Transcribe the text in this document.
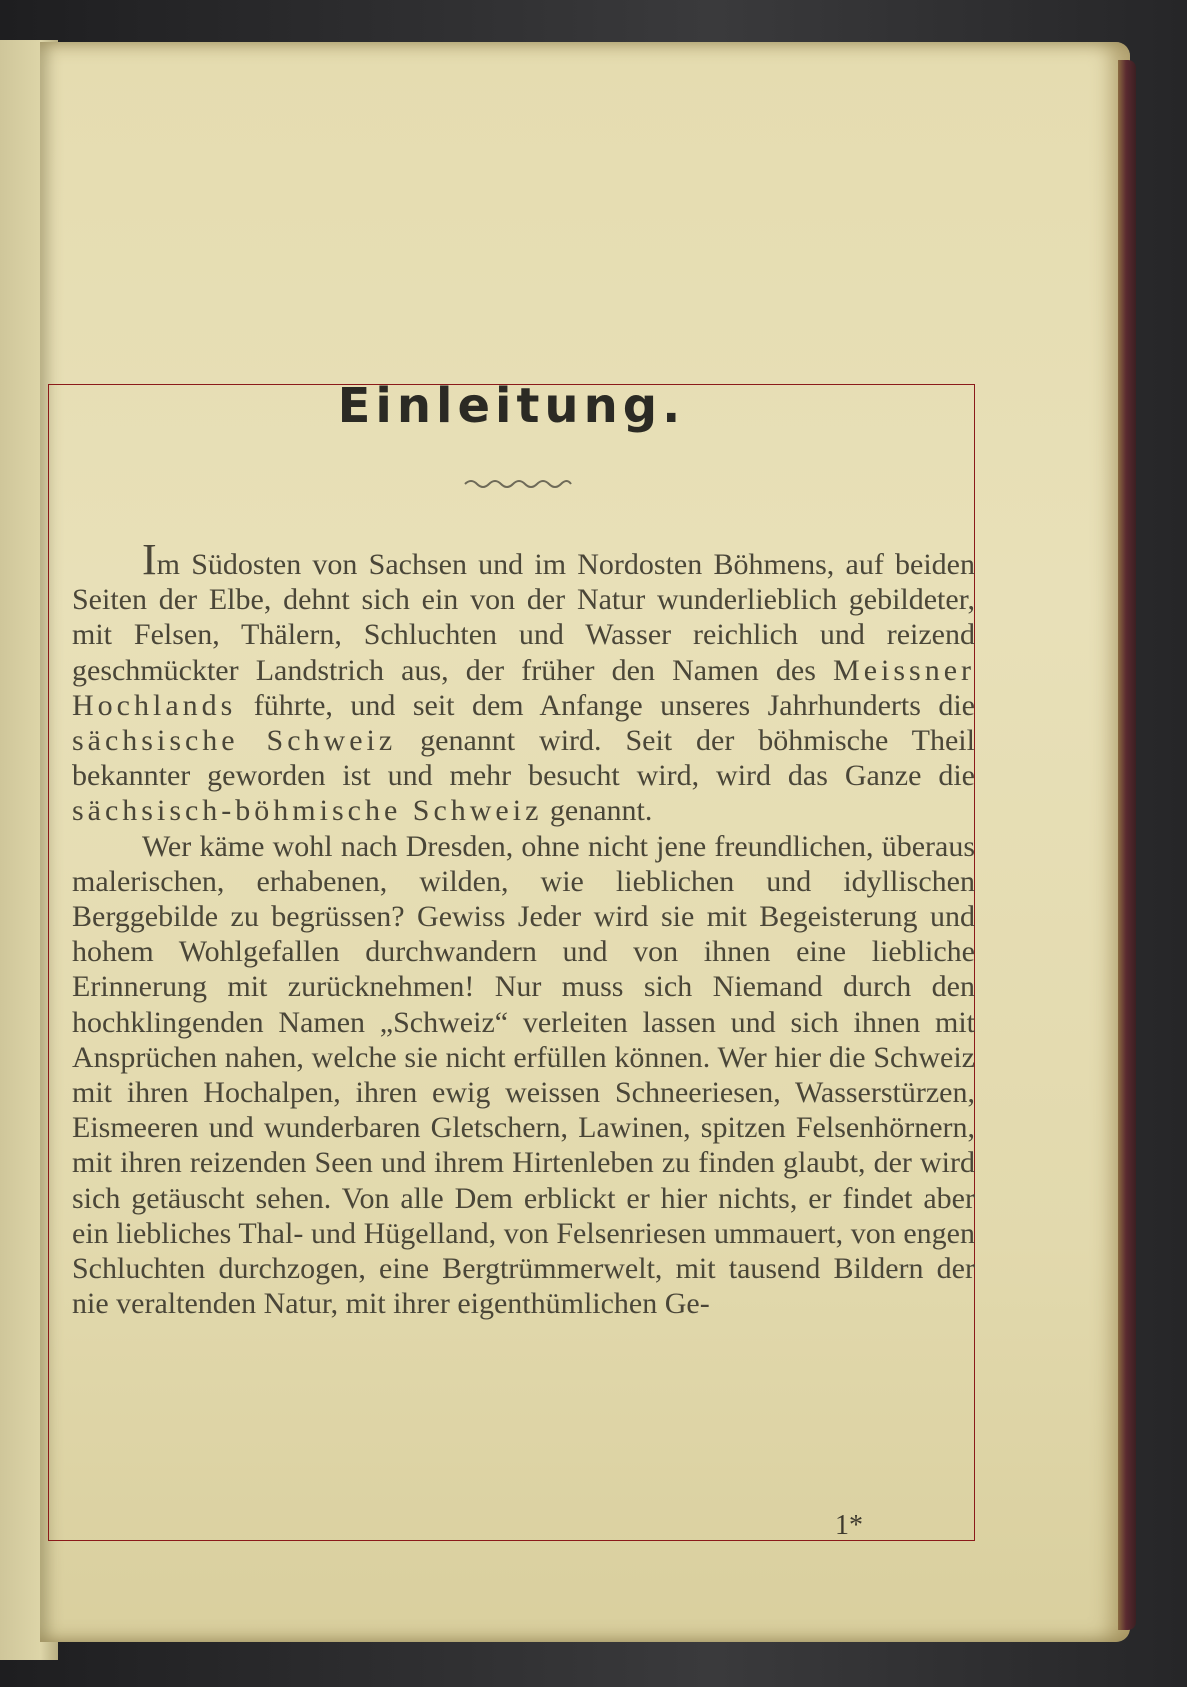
Einleitung.

Im Südosten von Sachsen und im Nordosten Böhmens, auf beiden Seiten der Elbe, dehnt sich ein von der Natur wunderlieblich gebildeter, mit Felsen, Thälern, Schluchten und Wasser reichlich und reizend geschmückter Landstrich aus, der früher den Namen des Meissner Hochlands führte, und seit dem Anfange unseres Jahrhunderts die sächsische Schweiz genannt wird. Seit der böhmische Theil bekannter geworden ist und mehr besucht wird, wird das Ganze die sächsisch-böhmische Schweiz genannt.

Wer käme wohl nach Dresden, ohne nicht jene freundlichen, überaus malerischen, erhabenen, wilden, wie lieblichen und idyllischen Berggebilde zu begrüssen? Gewiss Jeder wird sie mit Begeisterung und hohem Wohlgefallen durchwandern und von ihnen eine liebliche Erinnerung mit zurücknehmen! Nur muss sich Niemand durch den hochklingenden Namen „Schweiz“ verleiten lassen und sich ihnen mit Ansprüchen nahen, welche sie nicht erfüllen können. Wer hier die Schweiz mit ihren Hochalpen, ihren ewig weissen Schneeriesen, Wasserstürzen, Eismeeren und wunderbaren Gletschern, Lawinen, spitzen Felsenhörnern, mit ihren reizenden Seen und ihrem Hirtenleben zu finden glaubt, der wird sich getäuscht sehen. Von alle Dem erblickt er hier nichts, er findet aber ein liebliches Thal- und Hügelland, von Felsenriesen ummauert, von engen Schluchten durchzogen, eine Bergtrümmerwelt, mit tausend Bildern der nie veraltenden Natur, mit ihrer eigenthümlichen Ge-

1*
